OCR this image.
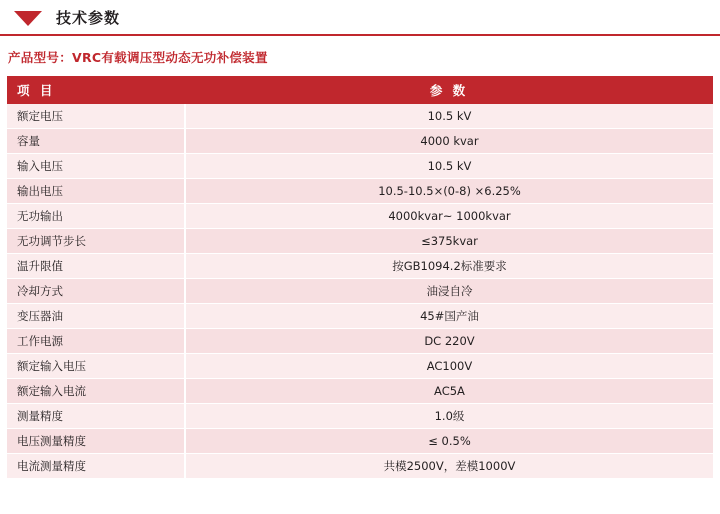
技术参数
产品型号：VRC有载调压型动态无功补偿装置
项 目	参 数
额定电压	10.5 kV
容量	4000 kvar
输入电压	10.5 kV
输出电压	10.5-10.5×(0-8) ×6.25%
无功输出	4000kvar~ 1000kvar
无功调节步长	≤375kvar
温升限值	按GB1094.2标准要求
冷却方式	油浸自冷
变压器油	45#国产油
工作电源	DC 220V
额定输入电压	AC100V
额定输入电流	AC5A
测量精度	1.0级
电压测量精度	≤ 0.5%
电流测量精度	共模2500V，差模1000V
